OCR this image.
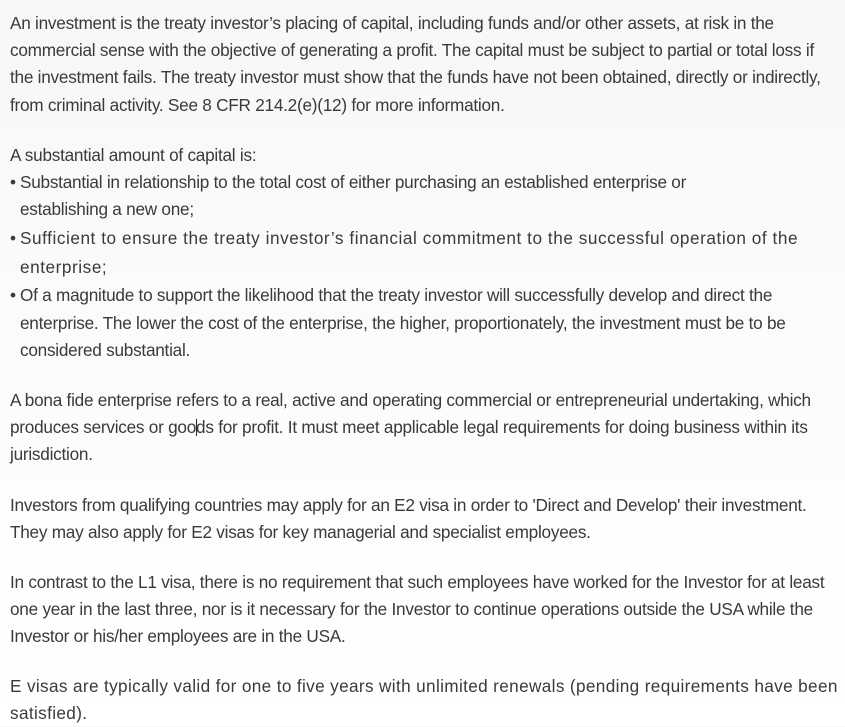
An investment is the treaty investor’s placing of capital, including funds and/or other assets, at risk in the commercial sense with the objective of generating a profit. The capital must be subject to partial or total loss if the investment fails. The treaty investor must show that the funds have not been obtained, directly or indirectly, from criminal activity. See 8 CFR 214.2(e)(12) for more information.

A substantial amount of capital is:

• Substantial in relationship to the total cost of either purchasing an established enterprise or establishing a new one;
• Sufficient to ensure the treaty investor’s financial commitment to the successful operation of the enterprise;
• Of a magnitude to support the likelihood that the treaty investor will successfully develop and direct the enterprise. The lower the cost of the enterprise, the higher, proportionately, the investment must be to be considered substantial.

A bona fide enterprise refers to a real, active and operating commercial or entrepreneurial undertaking, which produces services or goods for profit. It must meet applicable legal requirements for doing business within its jurisdiction.

Investors from qualifying countries may apply for an E2 visa in order to 'Direct and Develop' their investment. They may also apply for E2 visas for key managerial and specialist employees.

In contrast to the L1 visa, there is no requirement that such employees have worked for the Investor for at least one year in the last three, nor is it necessary for the Investor to continue operations outside the USA while the Investor or his/her employees are in the USA.

E visas are typically valid for one to five years with unlimited renewals (pending requirements have been satisfied).
